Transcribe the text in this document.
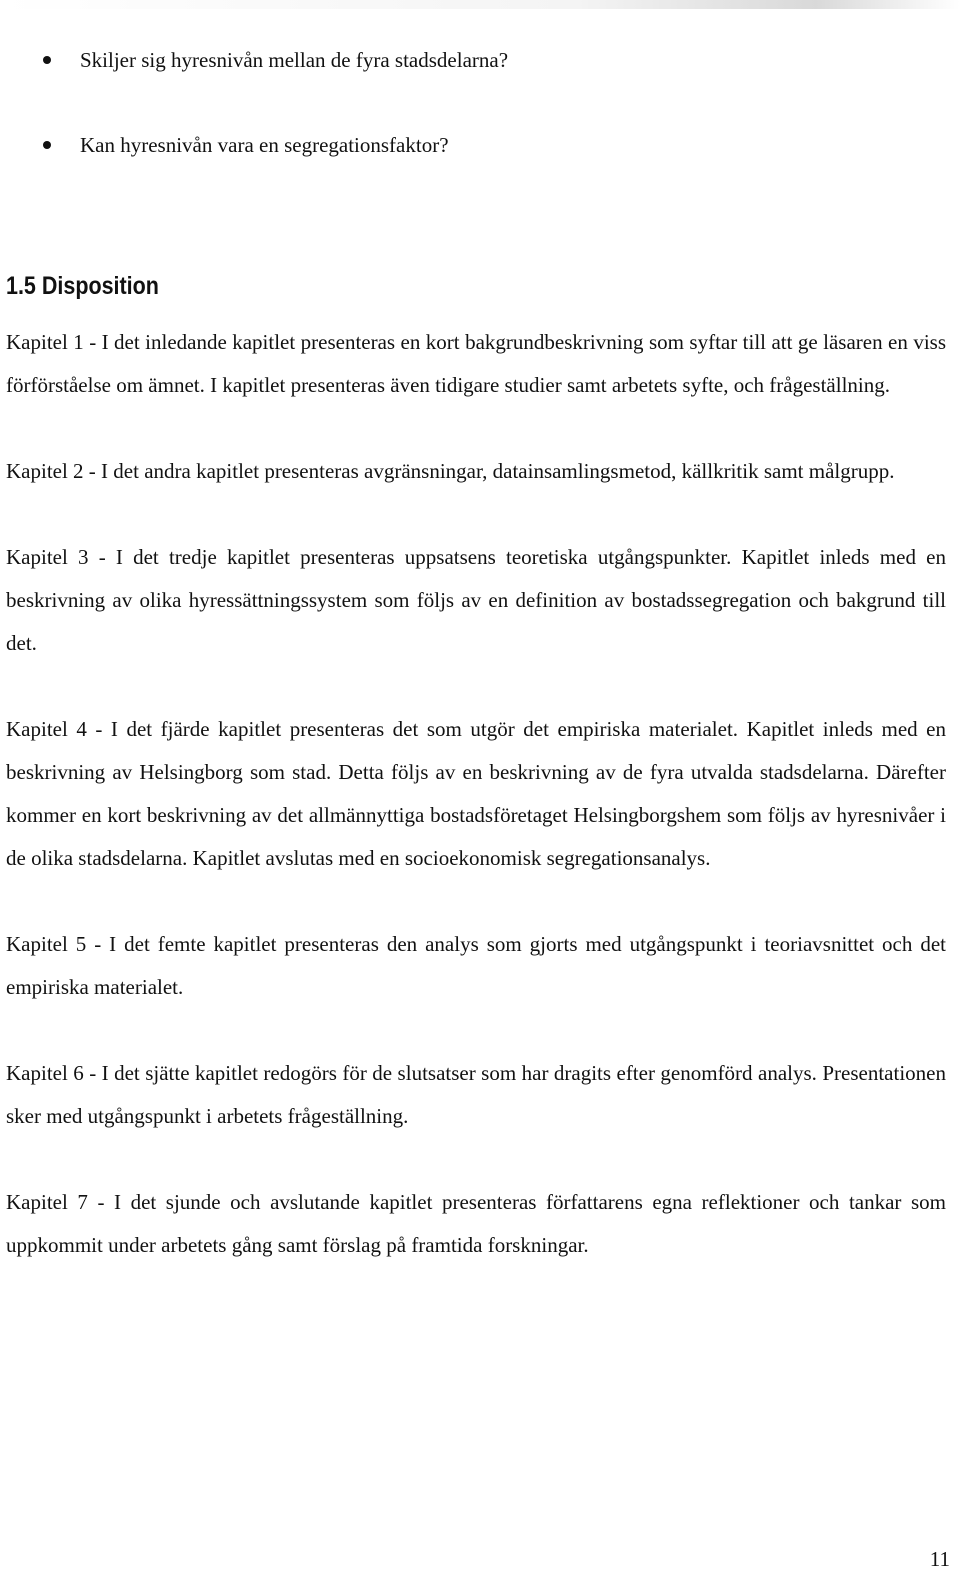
Skiljer sig hyresnivån mellan de fyra stadsdelarna?
Kan hyresnivån vara en segregationsfaktor?
1.5 Disposition

Kapitel 1 - I det inledande kapitlet presenteras en kort bakgrundbeskrivning som syftar till att ge läsaren en viss förförståelse om ämnet. I kapitlet presenteras även tidigare studier samt arbetets syfte, och frågeställning.

Kapitel 2 - I det andra kapitlet presenteras avgränsningar, datainsamlingsmetod, källkritik samt målgrupp.

Kapitel 3 - I det tredje kapitlet presenteras uppsatsens teoretiska utgångspunkter. Kapitlet inleds med en beskrivning av olika hyressättningssystem som följs av en definition av bostadssegregation och bakgrund till det.

Kapitel 4 - I det fjärde kapitlet presenteras det som utgör det empiriska materialet. Kapitlet inleds med en beskrivning av Helsingborg som stad. Detta följs av en beskrivning av de fyra utvalda stadsdelarna. Därefter kommer en kort beskrivning av det allmännyttiga bostadsföretaget Helsingborgshem som följs av hyresnivåer i de olika stadsdelarna. Kapitlet avslutas med en socioekonomisk segregationsanalys.

Kapitel 5 - I det femte kapitlet presenteras den analys som gjorts med utgångspunkt i teoriavsnittet och det empiriska materialet.

Kapitel 6 - I det sjätte kapitlet redogörs för de slutsatser som har dragits efter genomförd analys. Presentationen sker med utgångspunkt i arbetets frågeställning.

Kapitel 7 - I det sjunde och avslutande kapitlet presenteras författarens egna reflektioner och tankar som uppkommit under arbetets gång samt förslag på framtida forskningar.

11
